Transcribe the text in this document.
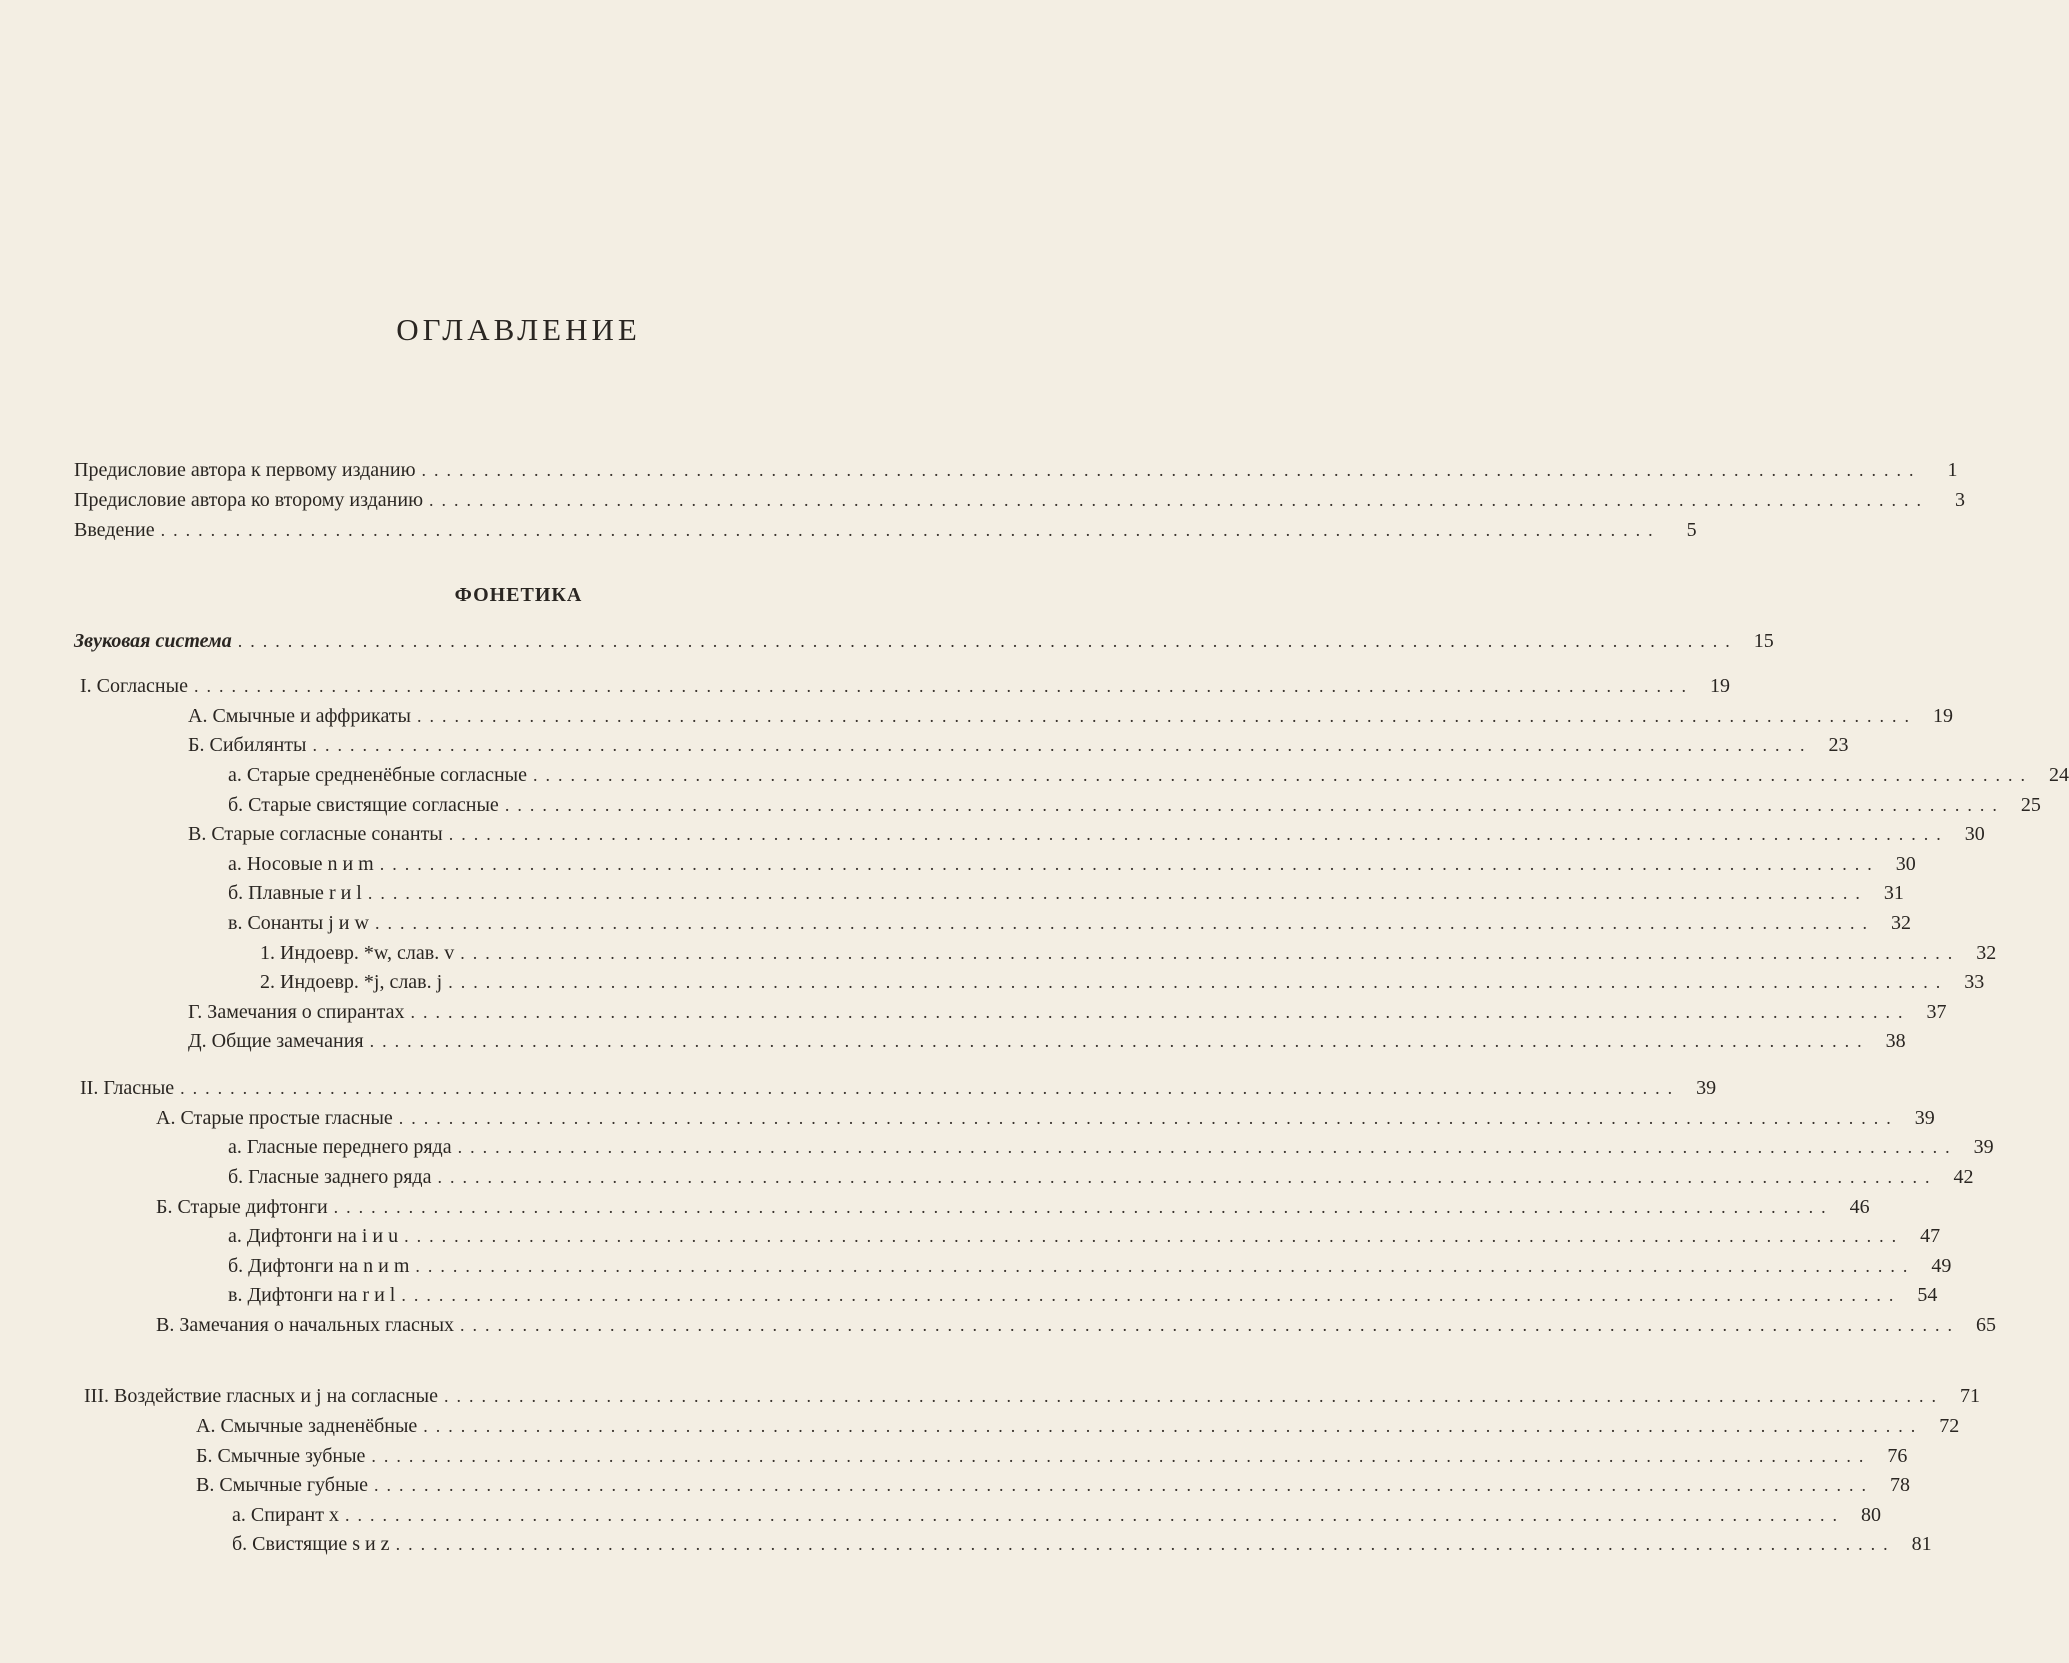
ОГЛАВЛЕНИЕ
Предисловие автора к первому изданию ........................................................................................................................	1
Предисловие автора ко второму изданию ........................................................................................................................	3
Введение ........................................................................................................................	5
ФОНЕТИКА
Звуковая система ........................................................................................................................ 15
I. Согласные ........................................................................................................................ 19
А. Смычные и аффрикаты ........................................................................................................................ 19
Б. Сибилянты ........................................................................................................................ 23
а. Старые средненёбные согласные ........................................................................................................................ 24
б. Старые свистящие согласные ........................................................................................................................ 25
В. Старые согласные сонанты ........................................................................................................................ 30
а. Носовые n и m ........................................................................................................................ 30
б. Плавные r и l ........................................................................................................................ 31
в. Сонанты j и w ........................................................................................................................ 32
1. Индоевр. *w, слав. v ........................................................................................................................ 32
2. Индоевр. *j, слав. j ........................................................................................................................ 33
Г. Замечания о спирантах ........................................................................................................................ 37
Д. Общие замечания ........................................................................................................................ 38
II. Гласные ........................................................................................................................ 39
А. Старые простые гласные ........................................................................................................................ 39
а. Гласные переднего ряда ........................................................................................................................ 39
б. Гласные заднего ряда ........................................................................................................................ 42
Б. Старые дифтонги ........................................................................................................................ 46
а. Дифтонги на i и u ........................................................................................................................ 47
б. Дифтонги на n и m ........................................................................................................................ 49
в. Дифтонги на r и l ........................................................................................................................ 54
В. Замечания о начальных гласных ........................................................................................................................ 65
III. Воздействие гласных и j на согласные ........................................................................................................................ 71
А. Смычные задненёбные ........................................................................................................................ 72
Б. Смычные зубные ........................................................................................................................ 76
В. Смычные губные ........................................................................................................................ 78
а. Спирант x ........................................................................................................................ 80
б. Свистящие s и z ........................................................................................................................ 81
